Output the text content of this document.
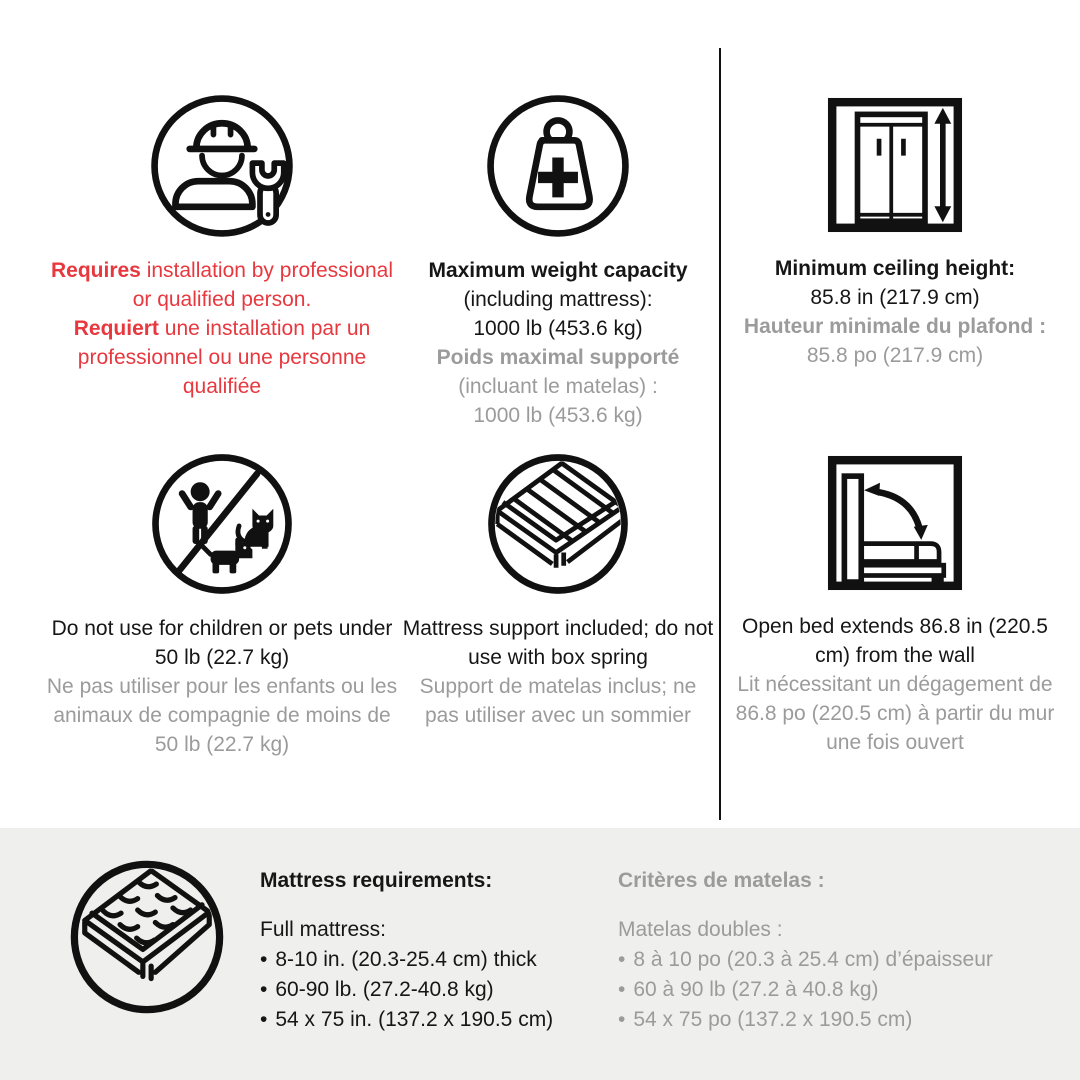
Requires installation by professional or qualified person.
Requiert une installation par un professionnel ou une personne qualifiée
Maximum weight capacity
(including mattress):
1000 lb (453.6 kg)
Poids maximal supporté
(incluant le matelas) :
1000 lb (453.6 kg)
Minimum ceiling height:
85.8 in (217.9 cm)
Hauteur minimale du plafond :
85.8 po (217.9 cm)
Do not use for children or pets under 50 lb (22.7 kg)
Ne pas utiliser pour les enfants ou les animaux de compagnie de moins de 50 lb (22.7 kg)
Mattress support included; do not use with box spring
Support de matelas inclus; ne pas utiliser avec un sommier
Open bed extends 86.8 in (220.5 cm) from the wall
Lit nécessitant un dégagement de 86.8 po (220.5 cm) à partir du mur une fois ouvert
Mattress requirements:
Full mattress:
• 8-10 in. (20.3-25.4 cm) thick
• 60-90 lb. (27.2-40.8 kg)
• 54 x 75 in. (137.2 x 190.5 cm)
Critères de matelas :
Matelas doubles :
• 8 à 10 po (20.3 à 25.4 cm) d’épaisseur
• 60 à 90 lb (27.2 à 40.8 kg)
• 54 x 75 po (137.2 x 190.5 cm)
